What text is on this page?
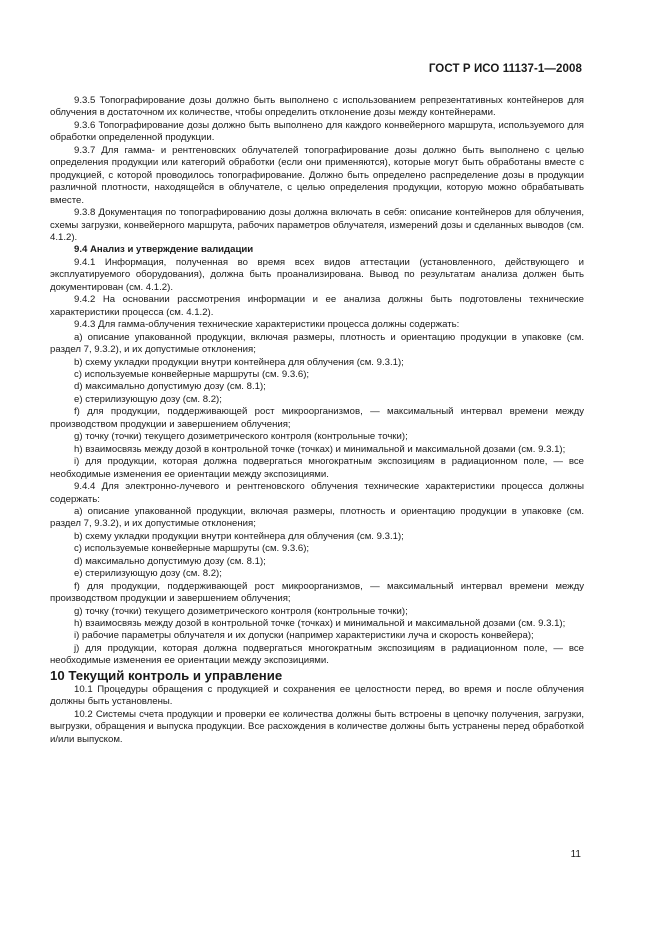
ГОСТ Р ИСО 11137-1—2008

9.3.5 Топографирование дозы должно быть выполнено с использованием репрезентативных контейнеров для облучения в достаточном их количестве, чтобы определить отклонение дозы между контейнерами.

9.3.6 Топографирование дозы должно быть выполнено для каждого конвейерного маршрута, используемого для обработки определенной продукции.

9.3.7 Для гамма- и рентгеновских облучателей топографирование дозы должно быть выполнено с целью определения продукции или категорий обработки (если они применяются), которые могут быть обработаны вместе с продукцией, с которой проводилось топографирование. Должно быть определено распределение дозы в продукции различной плотности, находящейся в облучателе, с целью определения продукции, которую можно обрабатывать вместе.

9.3.8 Документация по топографированию дозы должна включать в себя: описание контейнеров для облучения, схемы загрузки, конвейерного маршрута, рабочих параметров облучателя, измерений дозы и сделанных выводов (см. 4.1.2).

9.4 Анализ и утверждение валидации

9.4.1 Информация, полученная во время всех видов аттестации (установленного, действующего и эксплуатируемого оборудования), должна быть проанализирована. Вывод по результатам анализа должен быть документирован (см. 4.1.2).

9.4.2 На основании рассмотрения информации и ее анализа должны быть подготовлены технические характеристики процесса (см. 4.1.2).

9.4.3 Для гамма-облучения технические характеристики процесса должны содержать:

a) описание упакованной продукции, включая размеры, плотность и ориентацию продукции в упаковке (см. раздел 7, 9.3.2), и их допустимые отклонения;

b) схему укладки продукции внутри контейнера для облучения (см. 9.3.1);

c) используемые конвейерные маршруты (см. 9.3.6);

d) максимально допустимую дозу (см. 8.1);

e) стерилизующую дозу (см. 8.2);

f) для продукции, поддерживающей рост микроорганизмов, — максимальный интервал времени между производством продукции и завершением облучения;

g) точку (точки) текущего дозиметрического контроля (контрольные точки);

h) взаимосвязь между дозой в контрольной точке (точках) и минимальной и максимальной дозами (см. 9.3.1);

i) для продукции, которая должна подвергаться многократным экспозициям в радиационном поле, — все необходимые изменения ее ориентации между экспозициями.

9.4.4 Для электронно-лучевого и рентгеновского облучения технические характеристики процесса должны содержать:

a) описание упакованной продукции, включая размеры, плотность и ориентацию продукции в упаковке (см. раздел 7, 9.3.2), и их допустимые отклонения;

b) схему укладки продукции внутри контейнера для облучения (см. 9.3.1);

c) используемые конвейерные маршруты (см. 9.3.6);

d) максимально допустимую дозу (см. 8.1);

e) стерилизующую дозу (см. 8.2);

f) для продукции, поддерживающей рост микроорганизмов, — максимальный интервал времени между производством продукции и завершением облучения;

g) точку (точки) текущего дозиметрического контроля (контрольные точки);

h) взаимосвязь между дозой в контрольной точке (точках) и минимальной и максимальной дозами (см. 9.3.1);

i) рабочие параметры облучателя и их допуски (например характеристики луча и скорость конвейера);

j) для продукции, которая должна подвергаться многократным экспозициям в радиационном поле, — все необходимые изменения ее ориентации между экспозициями.

10 Текущий контроль и управление

10.1 Процедуры обращения с продукцией и сохранения ее целостности перед, во время и после облучения должны быть установлены.

10.2 Системы счета продукции и проверки ее количества должны быть встроены в цепочку получения, загрузки, выгрузки, обращения и выпуска продукции. Все расхождения в количестве должны быть устранены перед обработкой и/или выпуском.

11
